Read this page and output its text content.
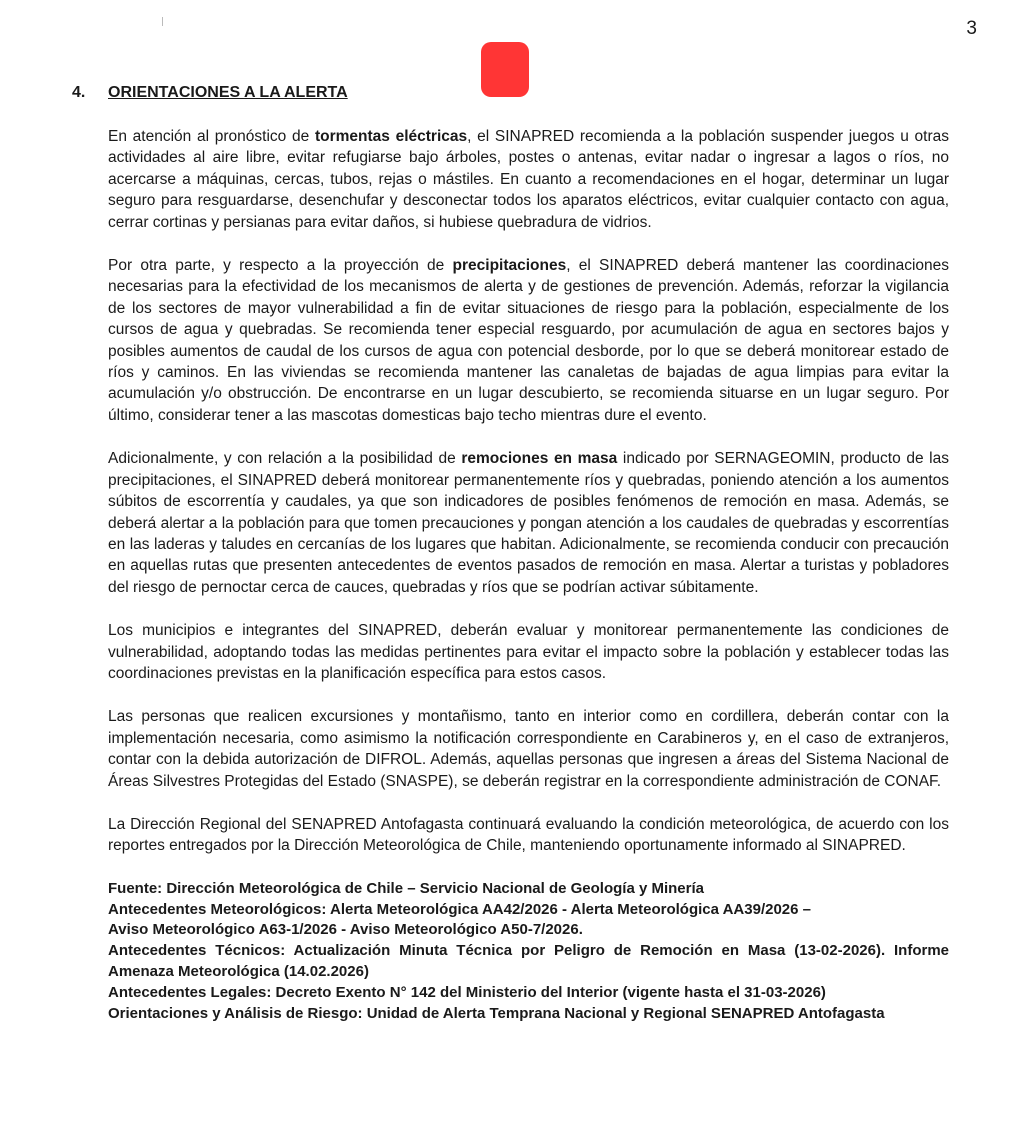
3
4. ORIENTACIONES A LA ALERTA

En atención al pronóstico de tormentas eléctricas, el SINAPRED recomienda a la población suspender juegos u otras actividades al aire libre, evitar refugiarse bajo árboles, postes o antenas, evitar nadar o ingresar a lagos o ríos, no acercarse a máquinas, cercas, tubos, rejas o mástiles. En cuanto a recomendaciones en el hogar, determinar un lugar seguro para resguardarse, desenchufar y desconectar todos los aparatos eléctricos, evitar cualquier contacto con agua, cerrar cortinas y persianas para evitar daños, si hubiese quebradura de vidrios.

Por otra parte, y respecto a la proyección de precipitaciones, el SINAPRED deberá mantener las coordinaciones necesarias para la efectividad de los mecanismos de alerta y de gestiones de prevención. Además, reforzar la vigilancia de los sectores de mayor vulnerabilidad a fin de evitar situaciones de riesgo para la población, especialmente de los cursos de agua y quebradas. Se recomienda tener especial resguardo, por acumulación de agua en sectores bajos y posibles aumentos de caudal de los cursos de agua con potencial desborde, por lo que se deberá monitorear estado de ríos y caminos. En las viviendas se recomienda mantener las canaletas de bajadas de agua limpias para evitar la acumulación y/o obstrucción. De encontrarse en un lugar descubierto, se recomienda situarse en un lugar seguro. Por último, considerar tener a las mascotas domesticas bajo techo mientras dure el evento.

Adicionalmente, y con relación a la posibilidad de remociones en masa indicado por SERNAGEOMIN, producto de las precipitaciones, el SINAPRED deberá monitorear permanentemente ríos y quebradas, poniendo atención a los aumentos súbitos de escorrentía y caudales, ya que son indicadores de posibles fenómenos de remoción en masa. Además, se deberá alertar a la población para que tomen precauciones y pongan atención a los caudales de quebradas y escorrentías en las laderas y taludes en cercanías de los lugares que habitan. Adicionalmente, se recomienda conducir con precaución en aquellas rutas que presenten antecedentes de eventos pasados de remoción en masa. Alertar a turistas y pobladores del riesgo de pernoctar cerca de cauces, quebradas y ríos que se podrían activar súbitamente.

Los municipios e integrantes del SINAPRED, deberán evaluar y monitorear permanentemente las condiciones de vulnerabilidad, adoptando todas las medidas pertinentes para evitar el impacto sobre la población y establecer todas las coordinaciones previstas en la planificación específica para estos casos.

Las personas que realicen excursiones y montañismo, tanto en interior como en cordillera, deberán contar con la implementación necesaria, como asimismo la notificación correspondiente en Carabineros y, en el caso de extranjeros, contar con la debida autorización de DIFROL. Además, aquellas personas que ingresen a áreas del Sistema Nacional de Áreas Silvestres Protegidas del Estado (SNASPE), se deberán registrar en la correspondiente administración de CONAF.

La Dirección Regional del SENAPRED Antofagasta continuará evaluando la condición meteorológica, de acuerdo con los reportes entregados por la Dirección Meteorológica de Chile, manteniendo oportunamente informado al SINAPRED.

Fuente: Dirección Meteorológica de Chile – Servicio Nacional de Geología y Minería

Antecedentes Meteorológicos: Alerta Meteorológica AA42/2026 - Alerta Meteorológica AA39/2026 –

Aviso Meteorológico A63-1/2026 - Aviso Meteorológico A50-7/2026.

Antecedentes Técnicos: Actualización Minuta Técnica por Peligro de Remoción en Masa (13-02-2026). Informe Amenaza Meteorológica (14.02.2026)

Antecedentes Legales: Decreto Exento N° 142 del Ministerio del Interior (vigente hasta el 31-03-2026)

Orientaciones y Análisis de Riesgo: Unidad de Alerta Temprana Nacional y Regional SENAPRED Antofagasta
